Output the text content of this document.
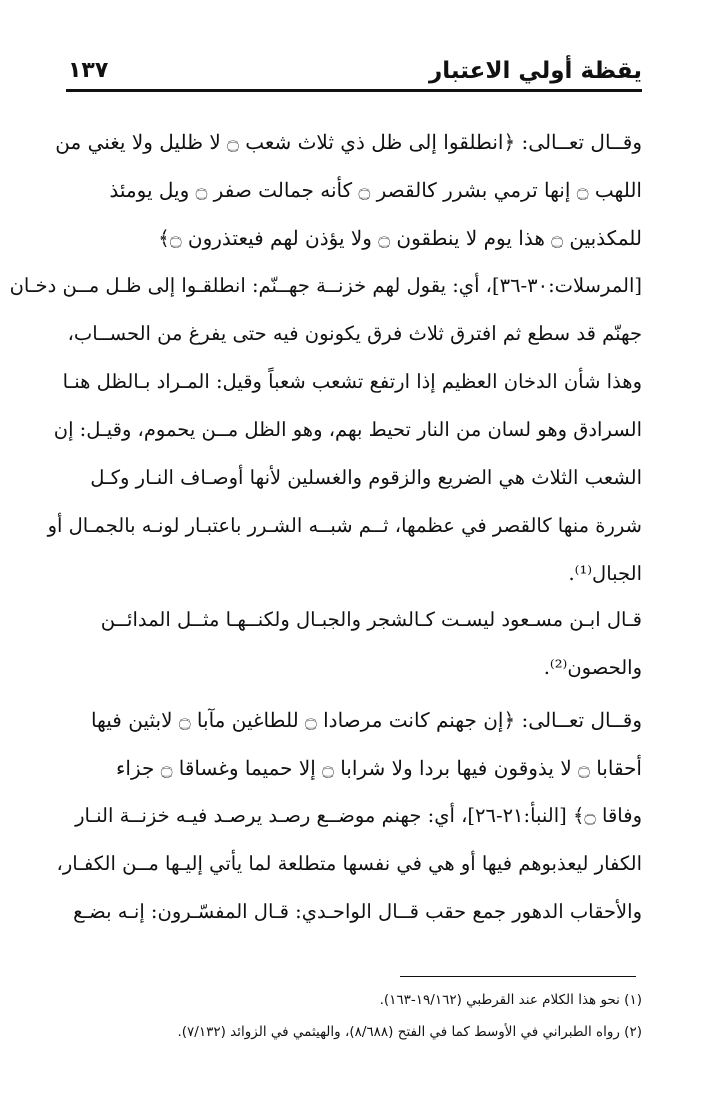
يقظة أولي الاعتبار
١٣٧
وقــال تعــالى: ﴿انطلقوا إلى ظل ذي ثلاث شعب ۝ لا ظليل ولا يغني من
اللهب ۝ إنها ترمي بشرر كالقصر ۝ كأنه جمالت صفر ۝ ويل يومئذ
للمكذبين ۝ هذا يوم لا ينطقون ۝ ولا يؤذن لهم فيعتذرون ۝﴾
[المرسلات:٣٠-٣٦]، أي: يقول لهم خزنــة جهــنّم: انطلقـوا إلى ظـل مــن دخـان
جهنّم قد سطع ثم افترق ثلاث فرق يكونون فيه حتى يفرغ من الحســاب،
وهذا شأن الدخان العظيم إذا ارتفع تشعب شعباً وقيل: المـراد بـالظل هنـا
السرادق وهو لسان من النار تحيط بهم، وهو الظل مــن يحموم، وقيـل: إن
الشعب الثلاث هي الضريع والزقوم والغسلين لأنها أوصـاف النـار وكـل
شررة منها كالقصر في عظمها، ثــم شبــه الشـرر باعتبـار لونـه بالجمـال أو
الجبال⁽¹⁾.
قـال ابـن مسـعود ليسـت كـالشجر والجبـال ولكنــهـا مثــل المدائــن
والحصون⁽²⁾.
وقــال تعــالى: ﴿إن جهنم كانت مرصادا ۝ للطاغين مآبا ۝ لابثين فيها
أحقابا ۝ لا يذوقون فيها بردا ولا شرابا ۝ إلا حميما وغساقا ۝ جزاء
وفاقا ۝﴾ [النبأ:٢١-٢٦]، أي: جهنم موضــع رصـد يرصـد فيـه خزنــة النـار
الكفار ليعذبوهم فيها أو هي في نفسها متطلعة لما يأتي إليـها مــن الكفـار،
والأحقاب الدهور جمع حقب قــال الواحـدي: قـال المفسّـرون: إنـه بضـع
(١) نحو هذا الكلام عند القرطبي (١٩/١٦٢-١٦٣).
(٢) رواه الطبراني في الأوسط كما في الفتح (٨/٦٨٨)، والهيثمي في الزوائد (٧/١٣٢).
